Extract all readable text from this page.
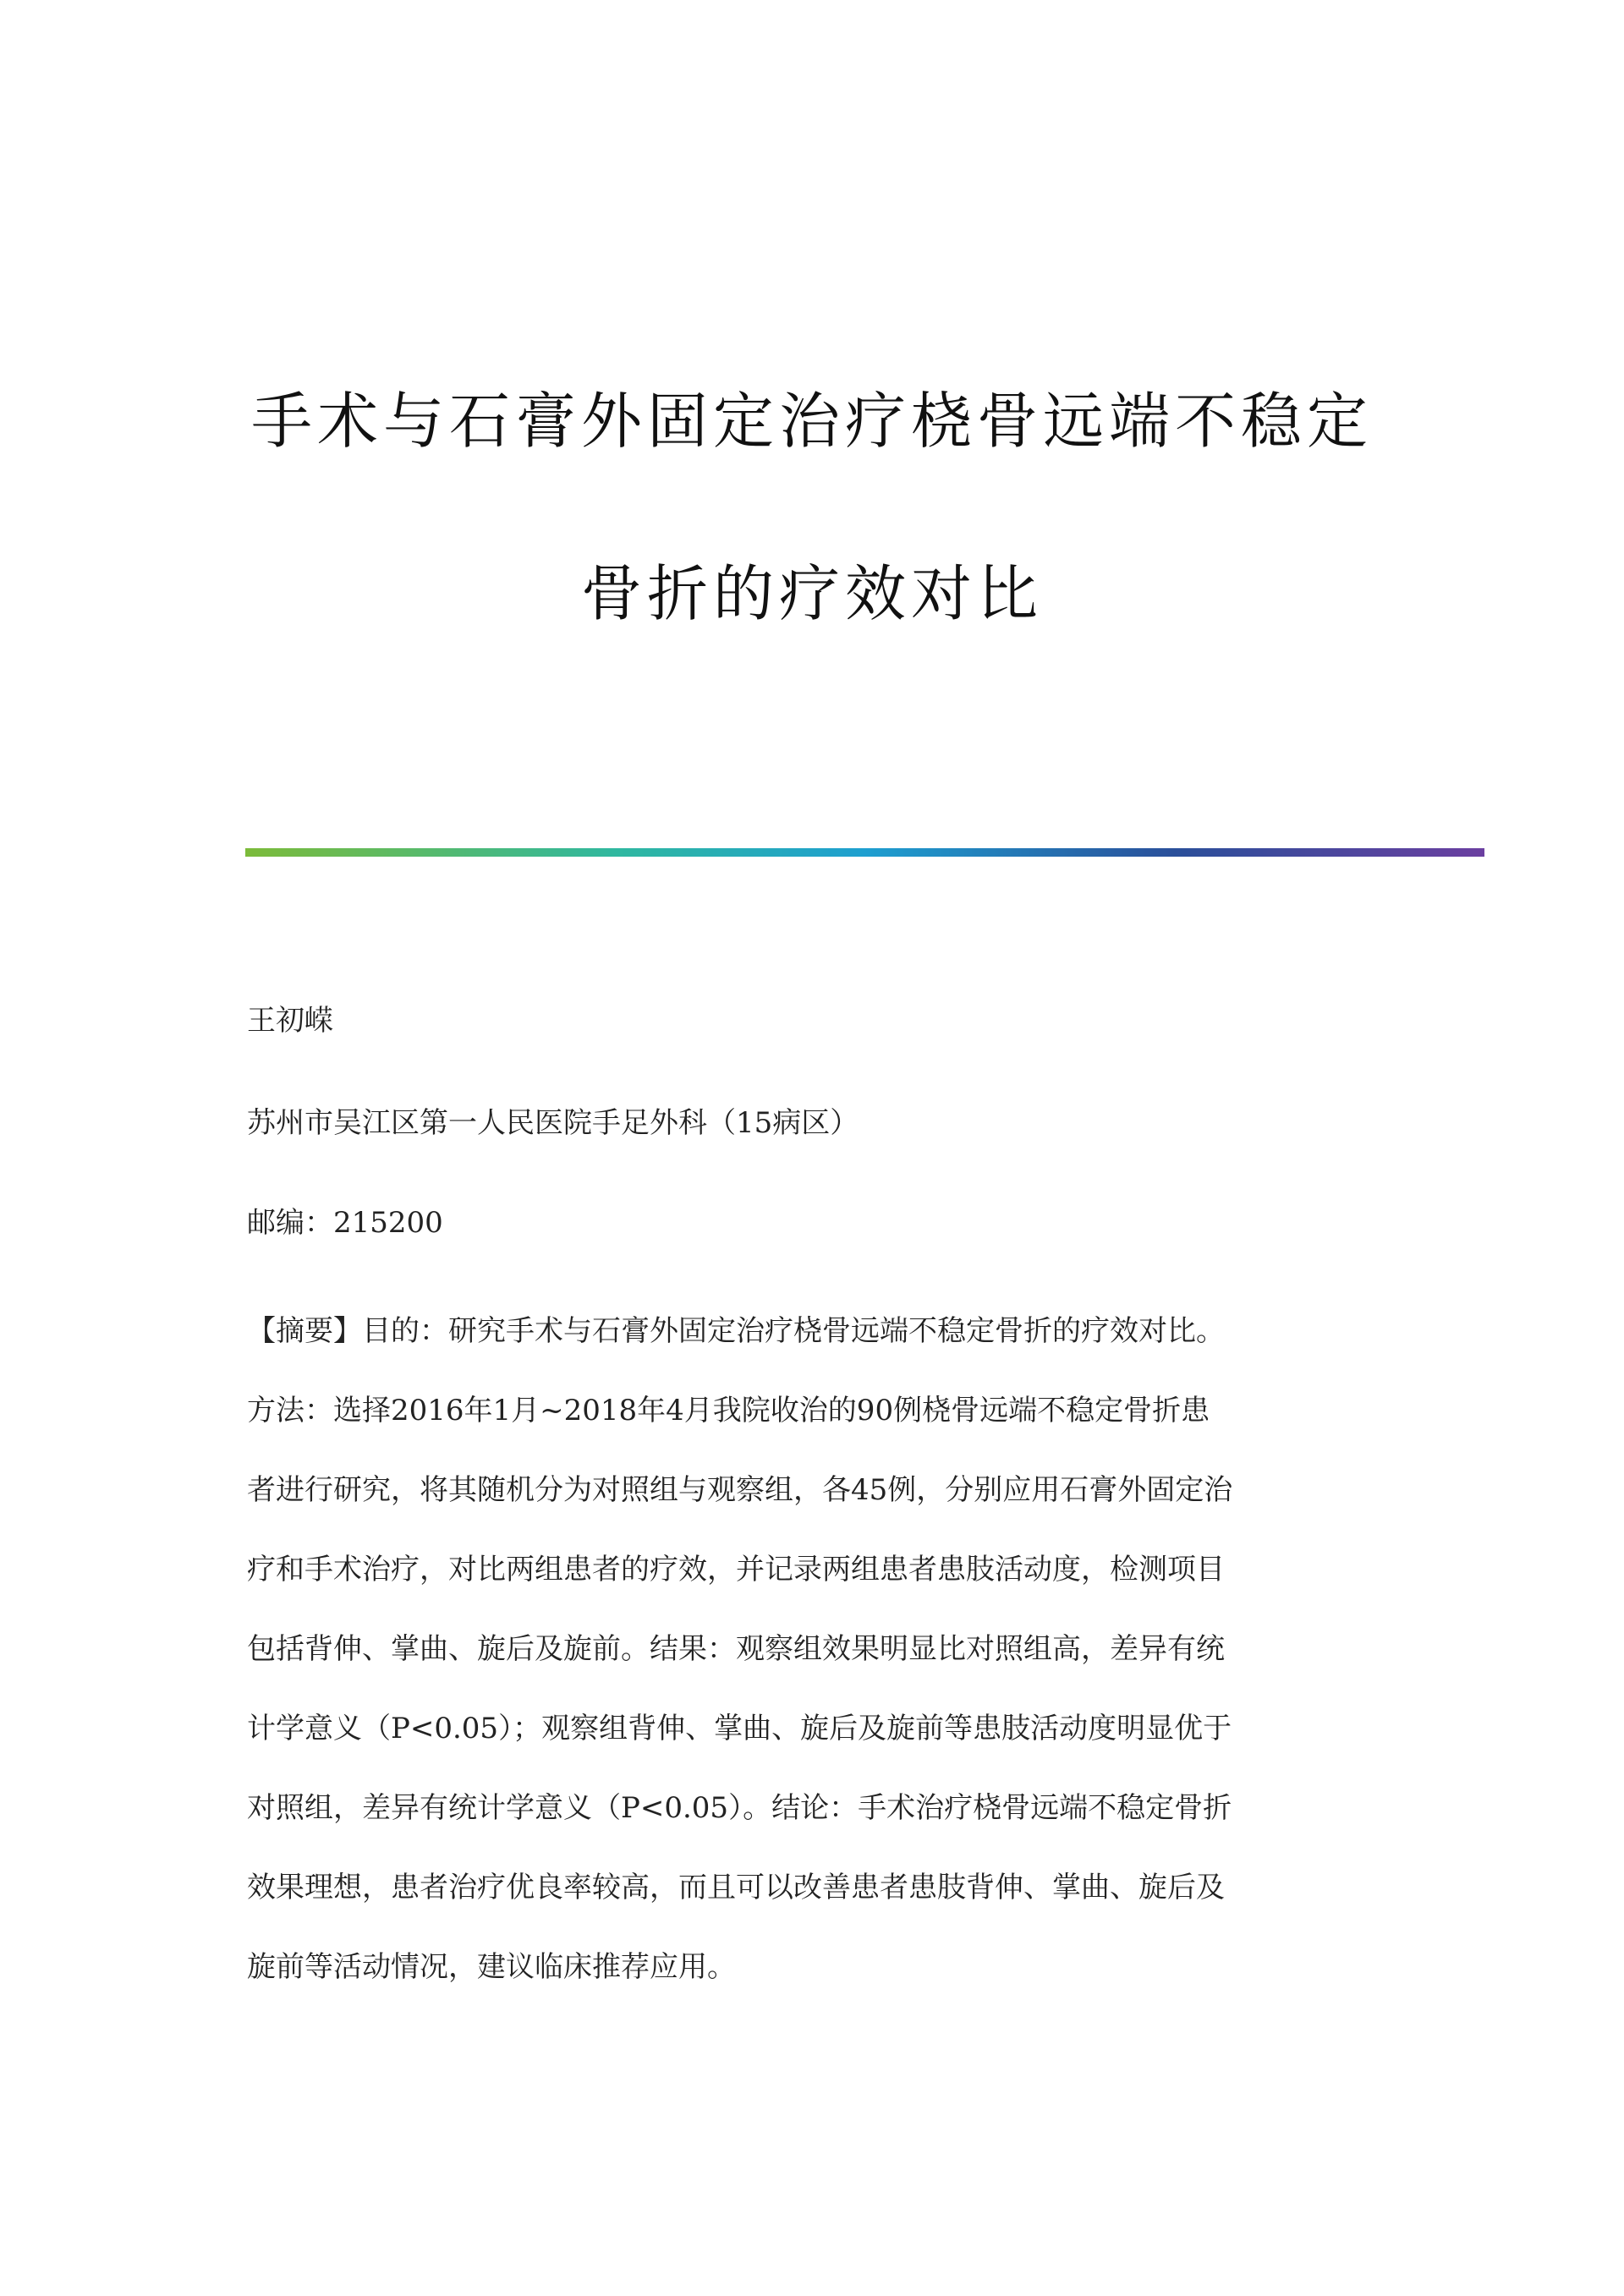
手术与石膏外固定治疗桡骨远端不稳定
骨折的疗效对比
王初嵘
苏州市吴江区第一人民医院手足外科（15病区）
邮编：215200
【摘要】目的：研究手术与石膏外固定治疗桡骨远端不稳定骨折的疗效对比。
方法：选择2016年1月~2018年4月我院收治的90例桡骨远端不稳定骨折患
者进行研究，将其随机分为对照组与观察组，各45例，分别应用石膏外固定治
疗和手术治疗，对比两组患者的疗效，并记录两组患者患肢活动度，检测项目
包括背伸、掌曲、旋后及旋前。结果：观察组效果明显比对照组高，差异有统
计学意义（P<0.05）；观察组背伸、掌曲、旋后及旋前等患肢活动度明显优于
对照组，差异有统计学意义（P<0.05）。结论：手术治疗桡骨远端不稳定骨折
效果理想，患者治疗优良率较高，而且可以改善患者患肢背伸、掌曲、旋后及
旋前等活动情况，建议临床推荐应用。
